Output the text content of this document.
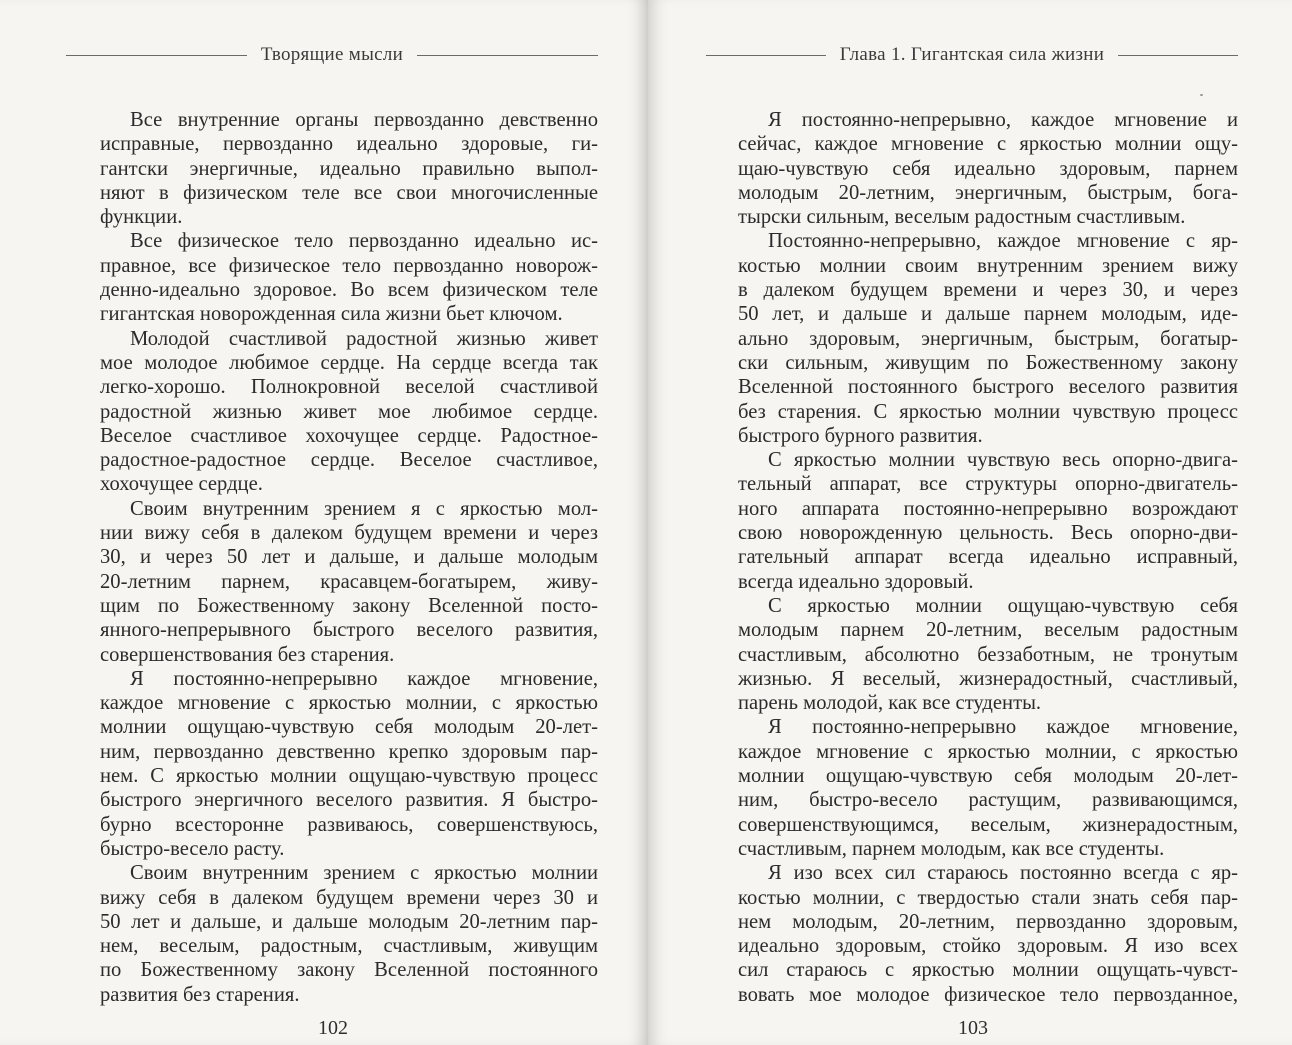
Творящие мысли
Все внутренние органы первозданно девственно
исправные, первозданно идеально здоровые, ги-
гантски энергичные, идеально правильно выпол-
няют в физическом теле все свои многочисленные
функции.
Все физическое тело первозданно идеально ис-
правное, все физическое тело первозданно новорож-
денно-идеально здоровое. Во всем физическом теле
гигантская новорожденная сила жизни бьет ключом.
Молодой счастливой радостной жизнью живет
мое молодое любимое сердце. На сердце всегда так
легко-хорошо. Полнокровной веселой счастливой
радостной жизнью живет мое любимое сердце.
Веселое счастливое хохочущее сердце. Радостное-
радостное-радостное сердце. Веселое счастливое,
хохочущее сердце.
Своим внутренним зрением я с яркостью мол-
нии вижу себя в далеком будущем времени и через
30, и через 50 лет и дальше, и дальше молодым
20-летним парнем, красавцем-богатырем, живу-
щим по Божественному закону Вселенной посто-
янного-непрерывного быстрого веселого развития,
совершенствования без старения.
Я постоянно-непрерывно каждое мгновение,
каждое мгновение с яркостью молнии, с яркостью
молнии ощущаю-чувствую себя молодым 20-лет-
ним, первозданно девственно крепко здоровым пар-
нем. С яркостью молнии ощущаю-чувствую процесс
быстрого энергичного веселого развития. Я быстро-
бурно всесторонне развиваюсь, совершенствуюсь,
быстро-весело расту.
Своим внутренним зрением с яркостью молнии
вижу себя в далеком будущем времени через 30 и
50 лет и дальше, и дальше молодым 20-летним пар-
нем, веселым, радостным, счастливым, живущим
по Божественному закону Вселенной постоянного
развития без старения.
102
Глава 1. Гигантская сила жизни
Я постоянно-непрерывно, каждое мгновение и
сейчас, каждое мгновение с яркостью молнии ощу-
щаю-чувствую себя идеально здоровым, парнем
молодым 20-летним, энергичным, быстрым, бога-
тырски сильным, веселым радостным счастливым.
Постоянно-непрерывно, каждое мгновение с яр-
костью молнии своим внутренним зрением вижу
в далеком будущем времени и через 30, и через
50 лет, и дальше и дальше парнем молодым, иде-
ально здоровым, энергичным, быстрым, богатыр-
ски сильным, живущим по Божественному закону
Вселенной постоянного быстрого веселого развития
без старения. С яркостью молнии чувствую процесс
быстрого бурного развития.
С яркостью молнии чувствую весь опорно-двига-
тельный аппарат, все структуры опорно-двигатель-
ного аппарата постоянно-непрерывно возрождают
свою новорожденную цельность. Весь опорно-дви-
гательный аппарат всегда идеально исправный,
всегда идеально здоровый.
С яркостью молнии ощущаю-чувствую себя
молодым парнем 20-летним, веселым радостным
счастливым, абсолютно беззаботным, не тронутым
жизнью. Я веселый, жизнерадостный, счастливый,
парень молодой, как все студенты.
Я постоянно-непрерывно каждое мгновение,
каждое мгновение с яркостью молнии, с яркостью
молнии ощущаю-чувствую себя молодым 20-лет-
ним, быстро-весело растущим, развивающимся,
совершенствующимся, веселым, жизнерадостным,
счастливым, парнем молодым, как все студенты.
Я изо всех сил стараюсь постоянно всегда с яр-
костью молнии, с твердостью стали знать себя пар-
нем молодым, 20-летним, первозданно здоровым,
идеально здоровым, стойко здоровым. Я изо всех
сил стараюсь с яркостью молнии ощущать-чувст-
вовать мое молодое физическое тело первозданное,
103
